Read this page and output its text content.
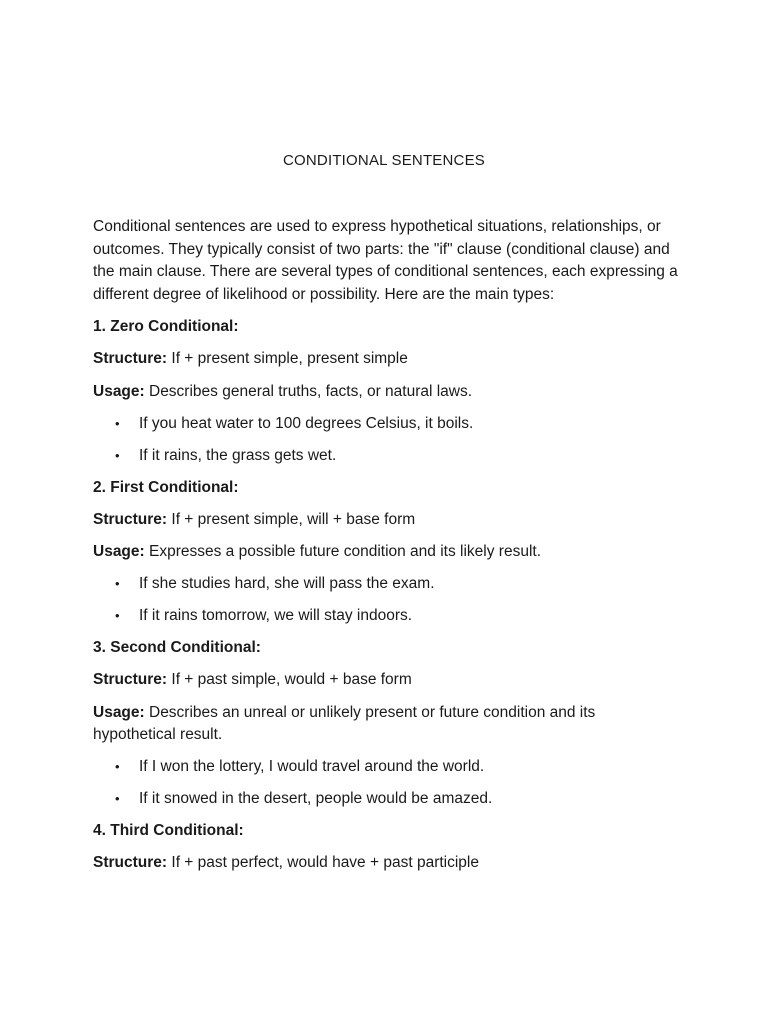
CONDITIONAL SENTENCES

Conditional sentences are used to express hypothetical situations, relationships, or outcomes. They typically consist of two parts: the "if" clause (conditional clause) and the main clause. There are several types of conditional sentences, each expressing a different degree of likelihood or possibility. Here are the main types:

1. Zero Conditional:

Structure: If + present simple, present simple

Usage: Describes general truths, facts, or natural laws.

• If you heat water to 100 degrees Celsius, it boils.
• If it rains, the grass gets wet.

2. First Conditional:

Structure: If + present simple, will + base form

Usage: Expresses a possible future condition and its likely result.

• If she studies hard, she will pass the exam.
• If it rains tomorrow, we will stay indoors.

3. Second Conditional:

Structure: If + past simple, would + base form

Usage: Describes an unreal or unlikely present or future condition and its hypothetical result.

• If I won the lottery, I would travel around the world.
• If it snowed in the desert, people would be amazed.

4. Third Conditional:

Structure: If + past perfect, would have + past participle
